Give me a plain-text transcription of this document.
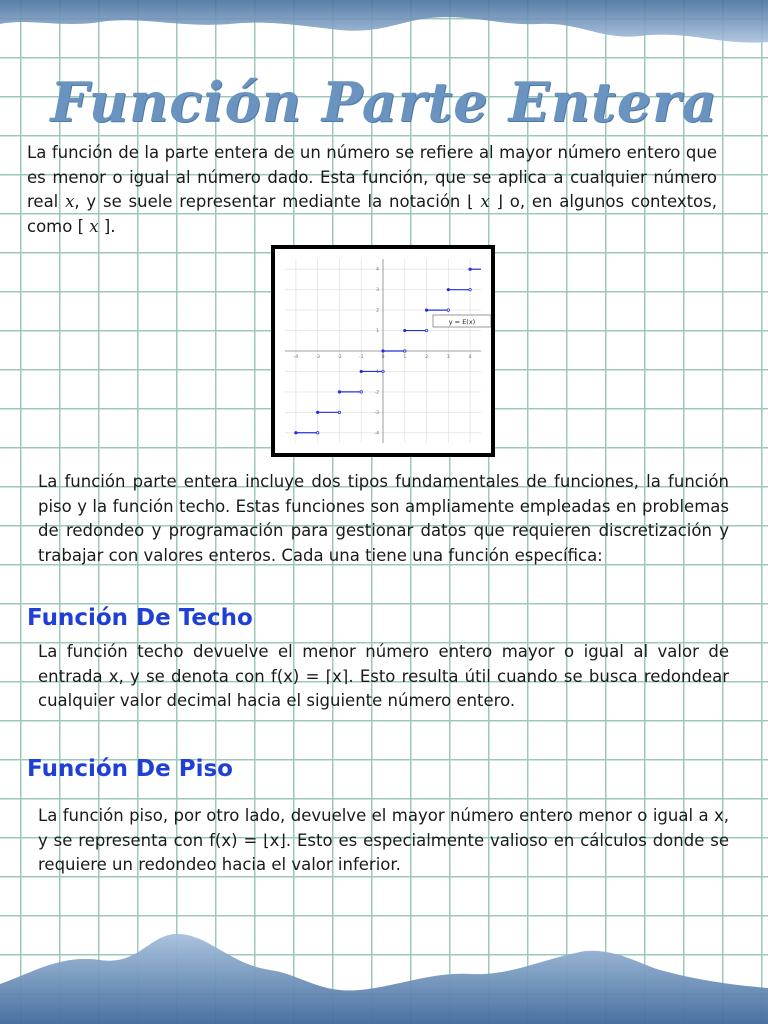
Función Parte Entera

La función de la parte entera de un número se refiere al mayor número entero que es menor o igual al número dado. Esta función, que se aplica a cualquier número real x, y se suele representar mediante la notación ⌊ x ⌋ o, en algunos contextos, como [ x ].

-4	-3	-2	-1	0	1	2	3	4
4
3
2
1
-1
-2
-3
-4
y = E(x)

La función parte entera incluye dos tipos fundamentales de funciones, la función piso y la función techo. Estas funciones son ampliamente empleadas en problemas de redondeo y programación para gestionar datos que requieren discretización y trabajar con valores enteros. Cada una tiene una función específica:

Función De Techo

La función techo devuelve el menor número entero mayor o igual al valor de entrada x, y se denota con f(x) = ⌈x⌉. Esto resulta útil cuando se busca redondear cualquier valor decimal hacia el siguiente número entero.

Función De Piso

La función piso, por otro lado, devuelve el mayor número entero menor o igual a x, y se representa con f(x) = ⌊x⌋. Esto es especialmente valioso en cálculos donde se requiere un redondeo hacia el valor inferior.
